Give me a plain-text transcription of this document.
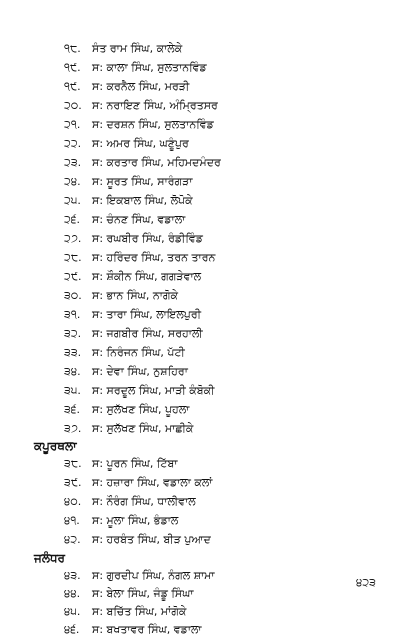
੧੮. ਸੰਤ ਰਾਮ ਸਿੰਘ, ਕਾਲੇਕੇ
੧੯. ਸ: ਕਾਲਾ ਸਿੰਘ, ਸੁਲਤਾਨਵਿੰਡ
੧੯. ਸ: ਕਰਨੈਲ ਸਿੰਘ, ਮਰੜੀ
੨੦. ਸ: ਨਰਾਇਣ ਸਿੰਘ, ਅੰਮ੍ਰਿਤਸਰ
੨੧. ਸ: ਦਰਸ਼ਨ ਸਿੰਘ, ਸੁਲਤਾਨਵਿੰਡ
੨੨. ਸ: ਅਮਰ ਸਿੰਘ, ਘਣੂੰਪੁਰ
੨੩. ਸ: ਕਰਤਾਰ ਸਿੰਘ, ਮਹਿਮਦਮੰਦਰ
੨੪. ਸ: ਸੂਰਤ ਸਿੰਘ, ਸਾਰੰਗੜਾ
੨੫. ਸ: ਇਕਬਾਲ ਸਿੰਘ, ਲੋਪੋਕੇ
੨੬. ਸ: ਚੰਨਣ ਸਿੰਘ, ਵਡਾਲਾ
੨੭. ਸ: ਰਘਬੀਰ ਸਿੰਘ, ਰੰਡੀਵਿੰਡ
੨੮. ਸ: ਹਰਿੰਦਰ ਸਿੰਘ, ਤਰਨ ਤਾਰਨ
੨੯. ਸ: ਸ਼ੌਕੀਨ ਸਿੰਘ, ਗਗੜੇਵਾਲ
੩੦. ਸ: ਭਾਨ ਸਿੰਘ, ਨਾਗੋਕੇ
੩੧. ਸ: ਤਾਰਾ ਸਿੰਘ, ਲਾਇਲਪੁਰੀ
੩੨. ਸ: ਜਗਬੀਰ ਸਿੰਘ, ਸਰਹਾਲੀ
੩੩. ਸ: ਨਿਰੰਜਨ ਸਿੰਘ, ਪੱਟੀ
੩੪. ਸ: ਦੇਵਾ ਸਿੰਘ, ਨੁਸ਼ਹਿਰਾ
੩੫. ਸ: ਸਰਦੂਲ ਸਿੰਘ, ਮਾੜੀ ਕੰਬੋਕੀ
੩੬. ਸ: ਸੁਲੱਖਣ ਸਿੰਘ, ਪੂਹਲਾ
੩੭. ਸ: ਸੁਲੱਖਣ ਸਿੰਘ, ਮਾਛੀਕੇ
ਕਪੂਰਥਲਾ
੩੮. ਸ: ਪੂਰਨ ਸਿੰਘ, ਟਿੱਬਾ
੩੯. ਸ: ਹਜ਼ਾਰਾ ਸਿੰਘ, ਵਡਾਲਾ ਕਲਾਂ
੪੦. ਸ: ਨੌਰੰਗ ਸਿੰਘ, ਧਾਲੀਵਾਲ
੪੧. ਸ: ਮੂਲਾ ਸਿੰਘ, ਭੰਡਾਲ
੪੨. ਸ: ਹਰਬੰਤ ਸਿੰਘ, ਬੀੜ ਪੁਆਦ
ਜਲੰਧਰ
੪੩. ਸ: ਗੁਰਦੀਪ ਸਿੰਘ, ਨੰਗਲ ਸ਼ਾਮਾ
੪੪. ਸ: ਬੇਲਾ ਸਿੰਘ, ਜੰਡੂ ਸਿੰਘਾ
੪੫. ਸ: ਬਚਿੱਤ ਸਿੰਘ, ਮਾਂਗੋਕੇ
੪੬. ਸ: ਬਖਤਾਵਰ ਸਿੰਘ, ਵਡਾਲਾ
੪੨੩
